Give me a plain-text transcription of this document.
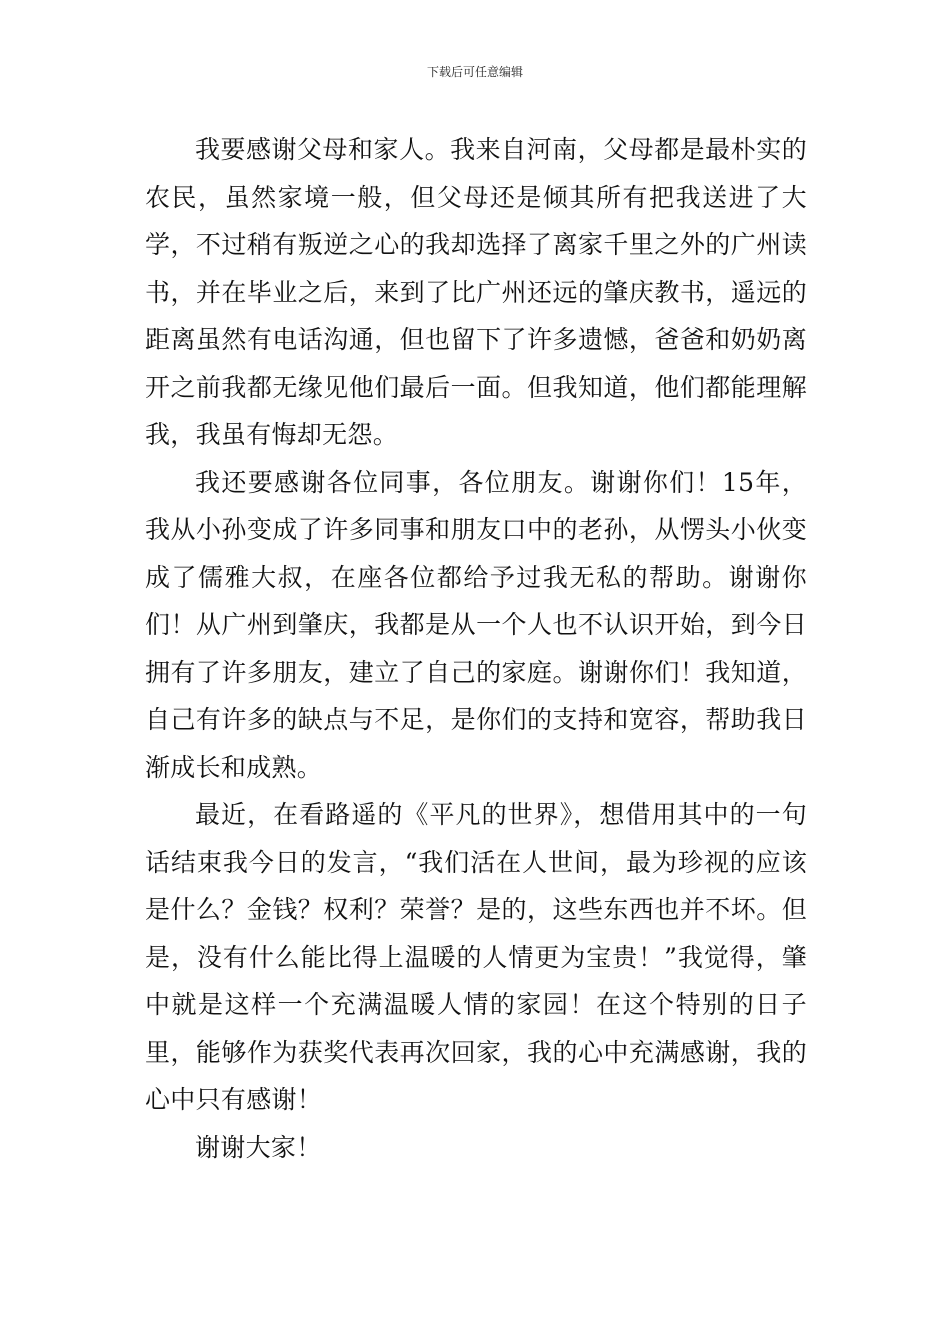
下载后可任意编辑

我要感谢父母和家人。我来自河南，父母都是最朴实的农民，虽然家境一般，但父母还是倾其所有把我送进了大学，不过稍有叛逆之心的我却选择了离家千里之外的广州读书，并在毕业之后，来到了比广州还远的肇庆教书，遥远的距离虽然有电话沟通，但也留下了许多遗憾，爸爸和奶奶离开之前我都无缘见他们最后一面。但我知道，他们都能理解我，我虽有悔却无怨。

我还要感谢各位同事，各位朋友。谢谢你们！15年，我从小孙变成了许多同事和朋友口中的老孙，从愣头小伙变成了儒雅大叔，在座各位都给予过我无私的帮助。谢谢你们！从广州到肇庆，我都是从一个人也不认识开始，到今日拥有了许多朋友，建立了自己的家庭。谢谢你们！我知道，自己有许多的缺点与不足，是你们的支持和宽容，帮助我日渐成长和成熟。

最近，在看路遥的《平凡的世界》，想借用其中的一句话结束我今日的发言，“我们活在人世间，最为珍视的应该是什么？金钱？权利？荣誉？是的，这些东西也并不坏。但是，没有什么能比得上温暖的人情更为宝贵！”我觉得，肇中就是这样一个充满温暖人情的家园！在这个特别的日子里，能够作为获奖代表再次回家，我的心中充满感谢，我的心中只有感谢！

谢谢大家！
